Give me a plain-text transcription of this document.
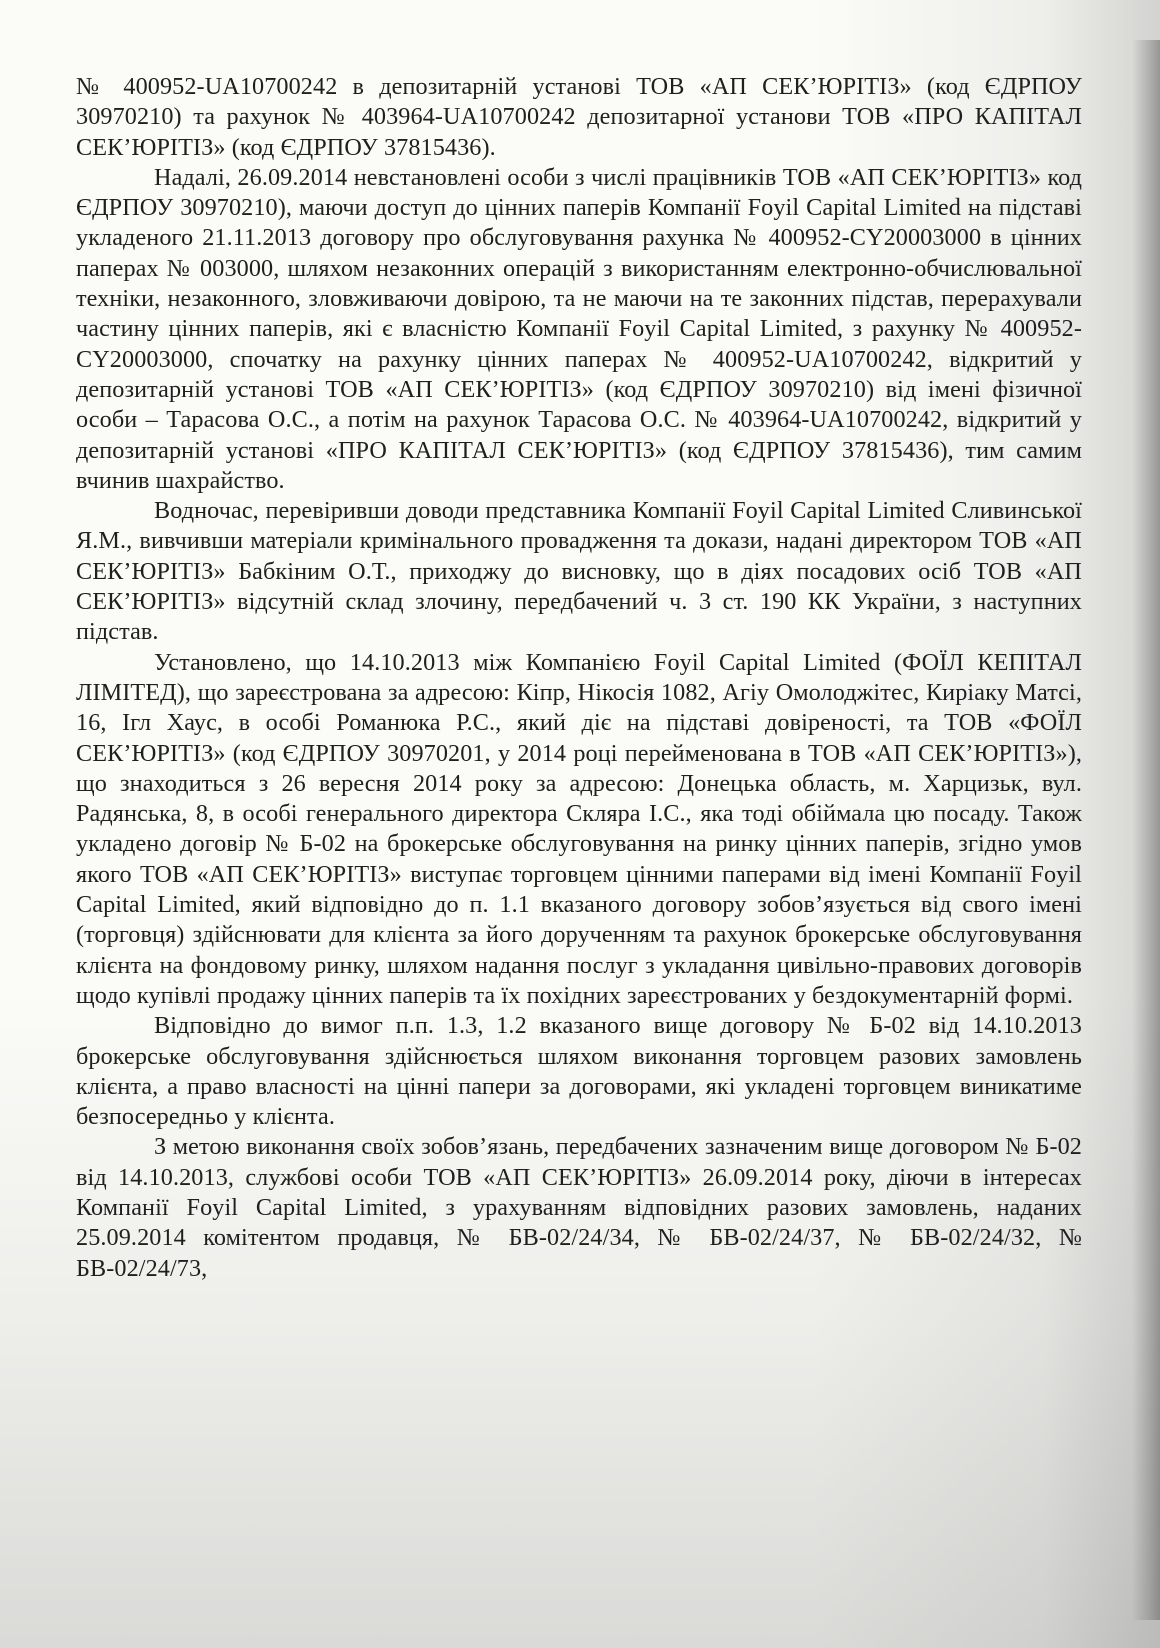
№ 400952-UA10700242 в депозитарній установі ТОВ «АП СЕК’ЮРІТІЗ» (код ЄДРПОУ 30970210) та рахунок № 403964-UA10700242 депозитарної установи ТОВ «ПРО КАПІТАЛ СЕК’ЮРІТІЗ» (код ЄДРПОУ 37815436).

Надалі, 26.09.2014 невстановлені особи з числі працівників ТОВ «АП СЕК’ЮРІТІЗ» код ЄДРПОУ 30970210), маючи доступ до цінних паперів Компанії Foyil Capital Limited на підставі укладеного 21.11.2013 договору про обслуговування рахунка № 400952-CY20003000 в цінних паперах № 003000, шляхом незаконних операцій з використанням електронно-обчислювальної техніки, незаконного, зловживаючи довірою, та не маючи на те законних підстав, перерахували частину цінних паперів, які є власністю Компанії Foyil Capital Limited, з рахунку № 400952-CY20003000, спочатку на рахунку цінних паперах № 400952-UA10700242, відкритий у депозитарній установі ТОВ «АП СЕК’ЮРІТІЗ» (код ЄДРПОУ 30970210) від імені фізичної особи – Тарасова О.С., а потім на рахунок Тарасова О.С. № 403964-UA10700242, відкритий у депозитарній установі «ПРО КАПІТАЛ СЕК’ЮРІТІЗ» (код ЄДРПОУ 37815436), тим самим вчинив шахрайство.

Водночас, перевіривши доводи представника Компанії Foyil Capital Limited Сливинської Я.М., вивчивши матеріали кримінального провадження та докази, надані директором ТОВ «АП СЕК’ЮРІТІЗ» Бабкіним О.Т., приходжу до висновку, що в діях посадових осіб ТОВ «АП СЕК’ЮРІТІЗ» відсутній склад злочину, передбачений ч. 3 ст. 190 КК України, з наступних підстав.

Установлено, що 14.10.2013 між Компанією Foyil Capital Limited (ФОЇЛ КЕПІТАЛ ЛІМІТЕД), що зареєстрована за адресою: Кіпр, Нікосія 1082, Агіу Омолоджітес, Киріаку Матсі, 16, Ігл Хаус, в особі Романюка Р.С., який діє на підставі довіреності, та ТОВ «ФОЇЛ СЕК’ЮРІТІЗ» (код ЄДРПОУ 30970201, у 2014 році перейменована в ТОВ «АП СЕК’ЮРІТІЗ»), що знаходиться з 26 вересня 2014 року за адресою: Донецька область, м. Харцизьк, вул. Радянська, 8, в особі генерального директора Скляра І.С., яка тоді обіймала цю посаду. Також укладено договір № Б-02 на брокерське обслуговування на ринку цінних паперів, згідно умов якого ТОВ «АП СЕК’ЮРІТІЗ» виступає торговцем цінними паперами від імені Компанії Foyil Capital Limited, який відповідно до п. 1.1 вказаного договору зобов’язується від свого імені (торговця) здійснювати для клієнта за його дорученням та рахунок брокерське обслуговування клієнта на фондовому ринку, шляхом надання послуг з укладання цивільно-правових договорів щодо купівлі продажу цінних паперів та їх похідних зареєстрованих у бездокументарній формі.

Відповідно до вимог п.п. 1.3, 1.2 вказаного вище договору № Б-02 від 14.10.2013 брокерське обслуговування здійснюється шляхом виконання торговцем разових замовлень клієнта, а право власності на цінні папери за договорами, які укладені торговцем виникатиме безпосередньо у клієнта.

З метою виконання своїх зобов’язань, передбачених зазначеним вище договором № Б-02 від 14.10.2013, службові особи ТОВ «АП СЕК’ЮРІТІЗ» 26.09.2014 року, діючи в інтересах Компанії Foyil Capital Limited, з урахуванням відповідних разових замовлень, наданих 25.09.2014 комітентом продавця, № БВ-02/24/34, № БВ-02/24/37, № БВ-02/24/32, № БВ-02/24/73,
